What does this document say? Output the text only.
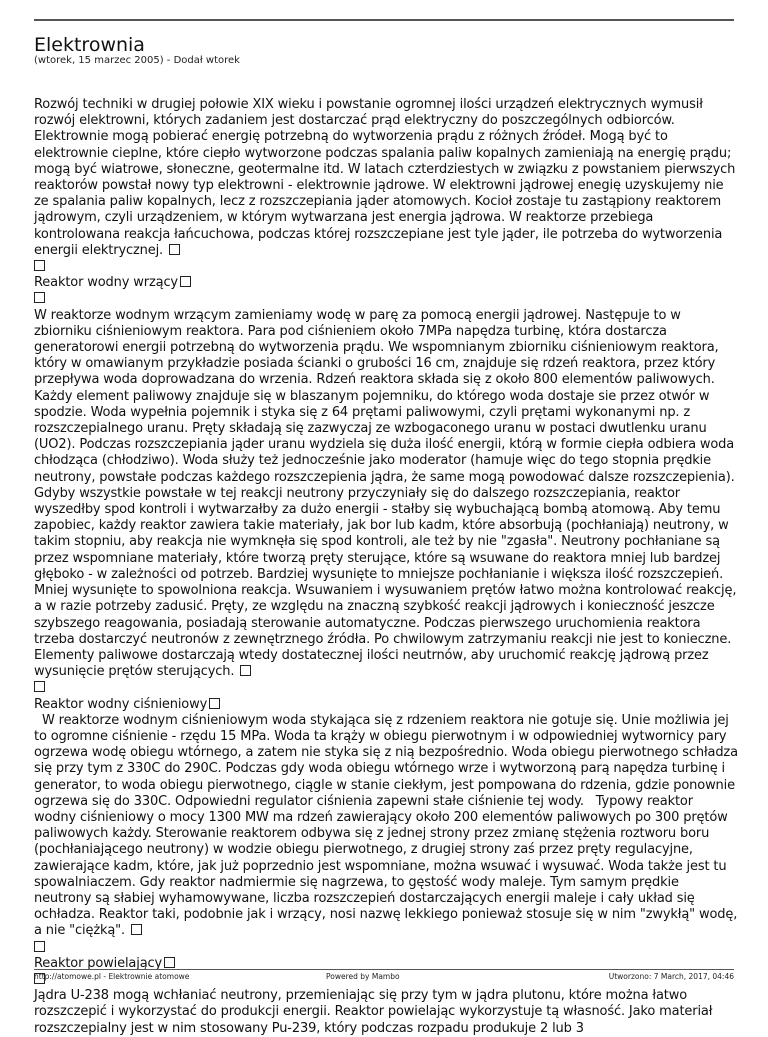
Elektrownia
(wtorek, 15 marzec 2005) - Dodał wtorek

Rozwój techniki w drugiej połowie XIX wieku i powstanie ogromnej ilości urządzeń elektrycznych wymusił rozwój elektrowni, których zadaniem jest dostarczać prąd elektryczny do poszczególnych odbiorców. Elektrownie mogą pobierać energię potrzebną do wytworzenia prądu z różnych źródeł. Mogą być to elektrownie cieplne, które ciepło wytworzone podczas spalania paliw kopalnych zamieniają na energię prądu; mogą być wiatrowe, słoneczne, geotermalne itd. W latach czterdziestych w związku z powstaniem pierwszych reaktorów powstał nowy typ elektrowni - elektrownie jądrowe. W elektrowni jądrowej enegię uzyskujemy nie ze spalania paliw kopalnych, lecz z rozszczepiania jąder atomowych. Kocioł zostaje tu zastąpiony reaktorem jądrowym, czyli urządzeniem, w którym wytwarzana jest energia jądrowa. W reaktorze przebiega kontrolowana reakcja łańcuchowa, podczas której rozszczepiane jest tyle jąder, ile potrzeba do wytworzenia energii elektrycznej.

Reaktor wodny wrzący

W reaktorze wodnym wrzącym zamieniamy wodę w parę za pomocą energii jądrowej. Następuje to w zbiorniku ciśnieniowym reaktora. Para pod ciśnieniem około 7MPa napędza turbinę, która dostarcza generatorowi energii potrzebną do wytworzenia prądu. We wspomnianym zbiorniku ciśnieniowym reaktora, który w omawianym przykładzie posiada ścianki o grubości 16 cm, znajduje się rdzeń reaktora, przez który przepływa woda doprowadzana do wrzenia. Rdzeń reaktora składa się z około 800 elementów paliwowych. Każdy element paliwowy znajduje się w blaszanym pojemniku, do którego woda dostaje sie przez otwór w spodzie. Woda wypełnia pojemnik i styka się z 64 prętami paliwowymi, czyli prętami wykonanymi np. z rozszczepialnego uranu. Pręty składają się zazwyczaj ze wzbogaconego uranu w postaci dwutlenku uranu (UO2). Podczas rozszczepiania jąder uranu wydziela się duża ilość energii, którą w formie ciepła odbiera woda chłodząca (chłodziwo). Woda służy też jednocześnie jako moderator (hamuje więc do tego stopnia prędkie neutrony, powstałe podczas każdego rozszczepienia jądra, że same mogą powodować dalsze rozszczepienia). Gdyby wszystkie powstałe w tej reakcji neutrony przyczyniały się do dalszego rozszczepiania, reaktor wyszedłby spod kontroli i wytwarzałby za dużo energii - stałby się wybuchającą bombą atomową. Aby temu zapobiec, każdy reaktor zawiera takie materiały, jak bor lub kadm, które absorbują (pochłaniają) neutrony, w takim stopniu, aby reakcja nie wymknęła się spod kontroli, ale też by nie "zgasła". Neutrony pochłaniane są przez wspomniane materiały, które tworzą pręty sterujące, które są wsuwane do reaktora mniej lub bardzej głęboko - w zależności od potrzeb. Bardziej wysunięte to mniejsze pochłanianie i większa ilość rozszczepień. Mniej wysunięte to spowolniona reakcja. Wsuwaniem i wysuwaniem prętów łatwo można kontrolować reakcję, a w razie potrzeby zadusić. Pręty, ze względu na znaczną szybkość reakcji jądrowych i konieczność jeszcze szybszego reagowania, posiadają sterowanie automatyczne. Podczas pierwszego uruchomienia reaktora trzeba dostarczyć neutronów z zewnętrznego źródła. Po chwilowym zatrzymaniu reakcji nie jest to konieczne. Elementy paliwowe dostarczają wtedy dostatecznej ilości neutrnów, aby uruchomić reakcję jądrową przez wysunięcie prętów sterujących.

Reaktor wodny ciśnieniowy

W reaktorze wodnym ciśnieniowym woda stykająca się z rdzeniem reaktora nie gotuje się. Unie możliwia jej to ogromne ciśnienie - rzędu 15 MPa. Woda ta krąży w obiegu pierwotnym i w odpowiedniej wytwornicy pary ogrzewa wodę obiegu wtórnego, a zatem nie styka się z nią bezpośrednio. Woda obiegu pierwotnego schładza się przy tym z 330C do 290C. Podczas gdy woda obiegu wtórnego wrze i wytworzoną parą napędza turbinę i generator, to woda obiegu pierwotnego, ciągle w stanie ciekłym, jest pompowana do rdzenia, gdzie ponownie ogrzewa się do 330C. Odpowiedni regulator ciśnienia zapewni stałe ciśnienie tej wody.   Typowy reaktor wodny ciśnieniowy o mocy 1300 MW ma rdzeń zawierający około 200 elementów paliwowych po 300 prętów paliwowych każdy. Sterowanie reaktorem odbywa się z jednej strony przez zmianę stężenia roztworu boru (pochłaniającego neutrony) w wodzie obiegu pierwotnego, z drugiej strony zaś przez pręty regulacyjne, zawierające kadm, które, jak już poprzednio jest wspomniane, można wsuwać i wysuwać. Woda także jest tu spowalniaczem. Gdy reaktor nadmiermie się nagrzewa, to gęstość wody maleje. Tym samym prędkie neutrony są słabiej wyhamowywane, liczba rozszczepień dostarczających energii maleje i cały układ się ochładza. Reaktor taki, podobnie jak i wrzący, nosi nazwę lekkiego ponieważ stosuje się w nim "zwykłą" wodę, a nie "ciężką".

Reaktor powielający

Jądra U-238 mogą wchłaniać neutrony, przemieniając się przy tym w jądra plutonu, które można łatwo rozszczepić i wykorzystać do produkcji energii. Reaktor powielając wykorzystuje tą własność. Jako materiał rozszczepialny jest w nim stosowany Pu-239, który podczas rozpadu produkuje 2 lub 3

http://atomowe.pl - Elektrownie atomowe	Powered by Mambo	Utworzono: 7 March, 2017, 04:46
